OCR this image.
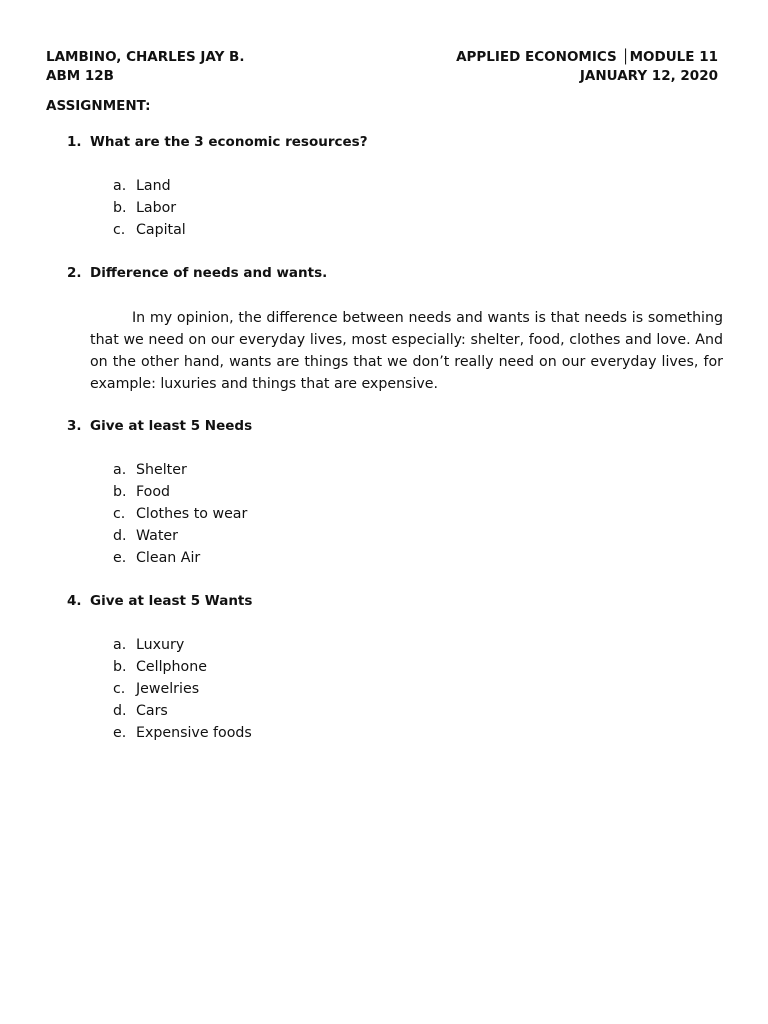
LAMBINO, CHARLES JAY B.	APPLIED ECONOMICS │MODULE 11
ABM 12B	JANUARY 12, 2020
ASSIGNMENT:
1. What are the 3 economic resources?
a. Land
b. Labor
c. Capital
2. Difference of needs and wants.

In my opinion, the difference between needs and wants is that needs is something that we need on our everyday lives, most especially: shelter, food, clothes and love. And on the other hand, wants are things that we don’t really need on our everyday lives, for example: luxuries and things that are expensive.

3. Give at least 5 Needs
a. Shelter
b. Food
c. Clothes to wear
d. Water
e. Clean Air
4. Give at least 5 Wants
a. Luxury
b. Cellphone
c. Jewelries
d. Cars
e. Expensive foods
